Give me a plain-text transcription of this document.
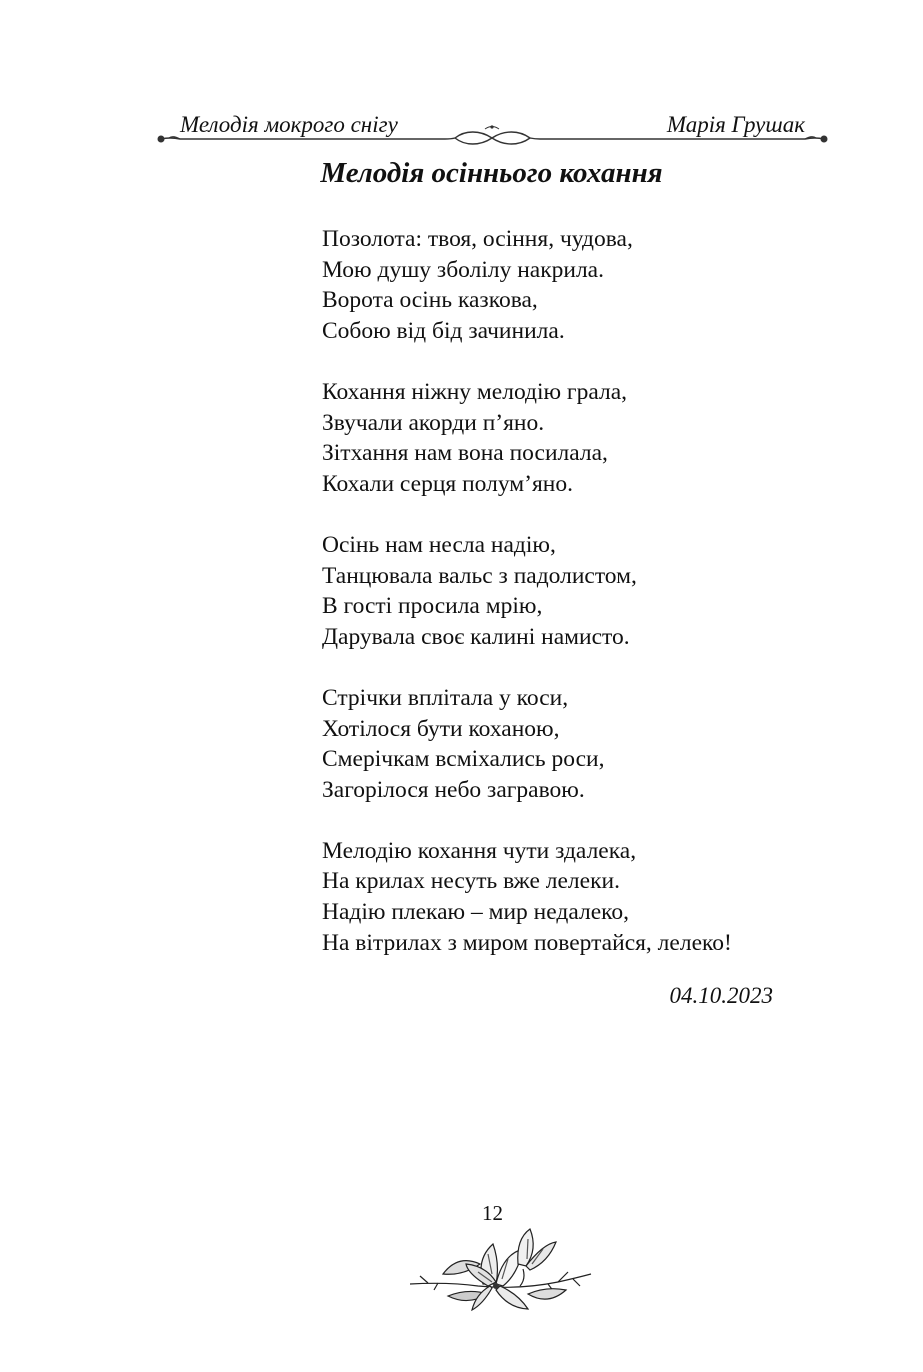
Мелодія мокрого снігу	Марія Грушак
Мелодія осіннього кохання
Позолота: твоя, осіння, чудова,
Мою душу зболілу накрила.
Ворота осінь казкова,
Собою від бід зачинила.
Кохання ніжну мелодію грала,
Звучали акорди п’яно.
Зітхання нам вона посилала,
Кохали серця полум’яно.
Осінь нам несла надію,
Танцювала вальс з падолистом,
В гості просила мрію,
Дарувала своє калині намисто.
Стрічки вплітала у коси,
Хотілося бути коханою,
Смерічкам всміхались роси,
Загорілося небо загравою.
Мелодію кохання чути здалека,
На крилах несуть вже лелеки.
Надію плекаю – мир недалеко,
На вітрилах з миром повертайся, лелеко!
04.10.2023
12
